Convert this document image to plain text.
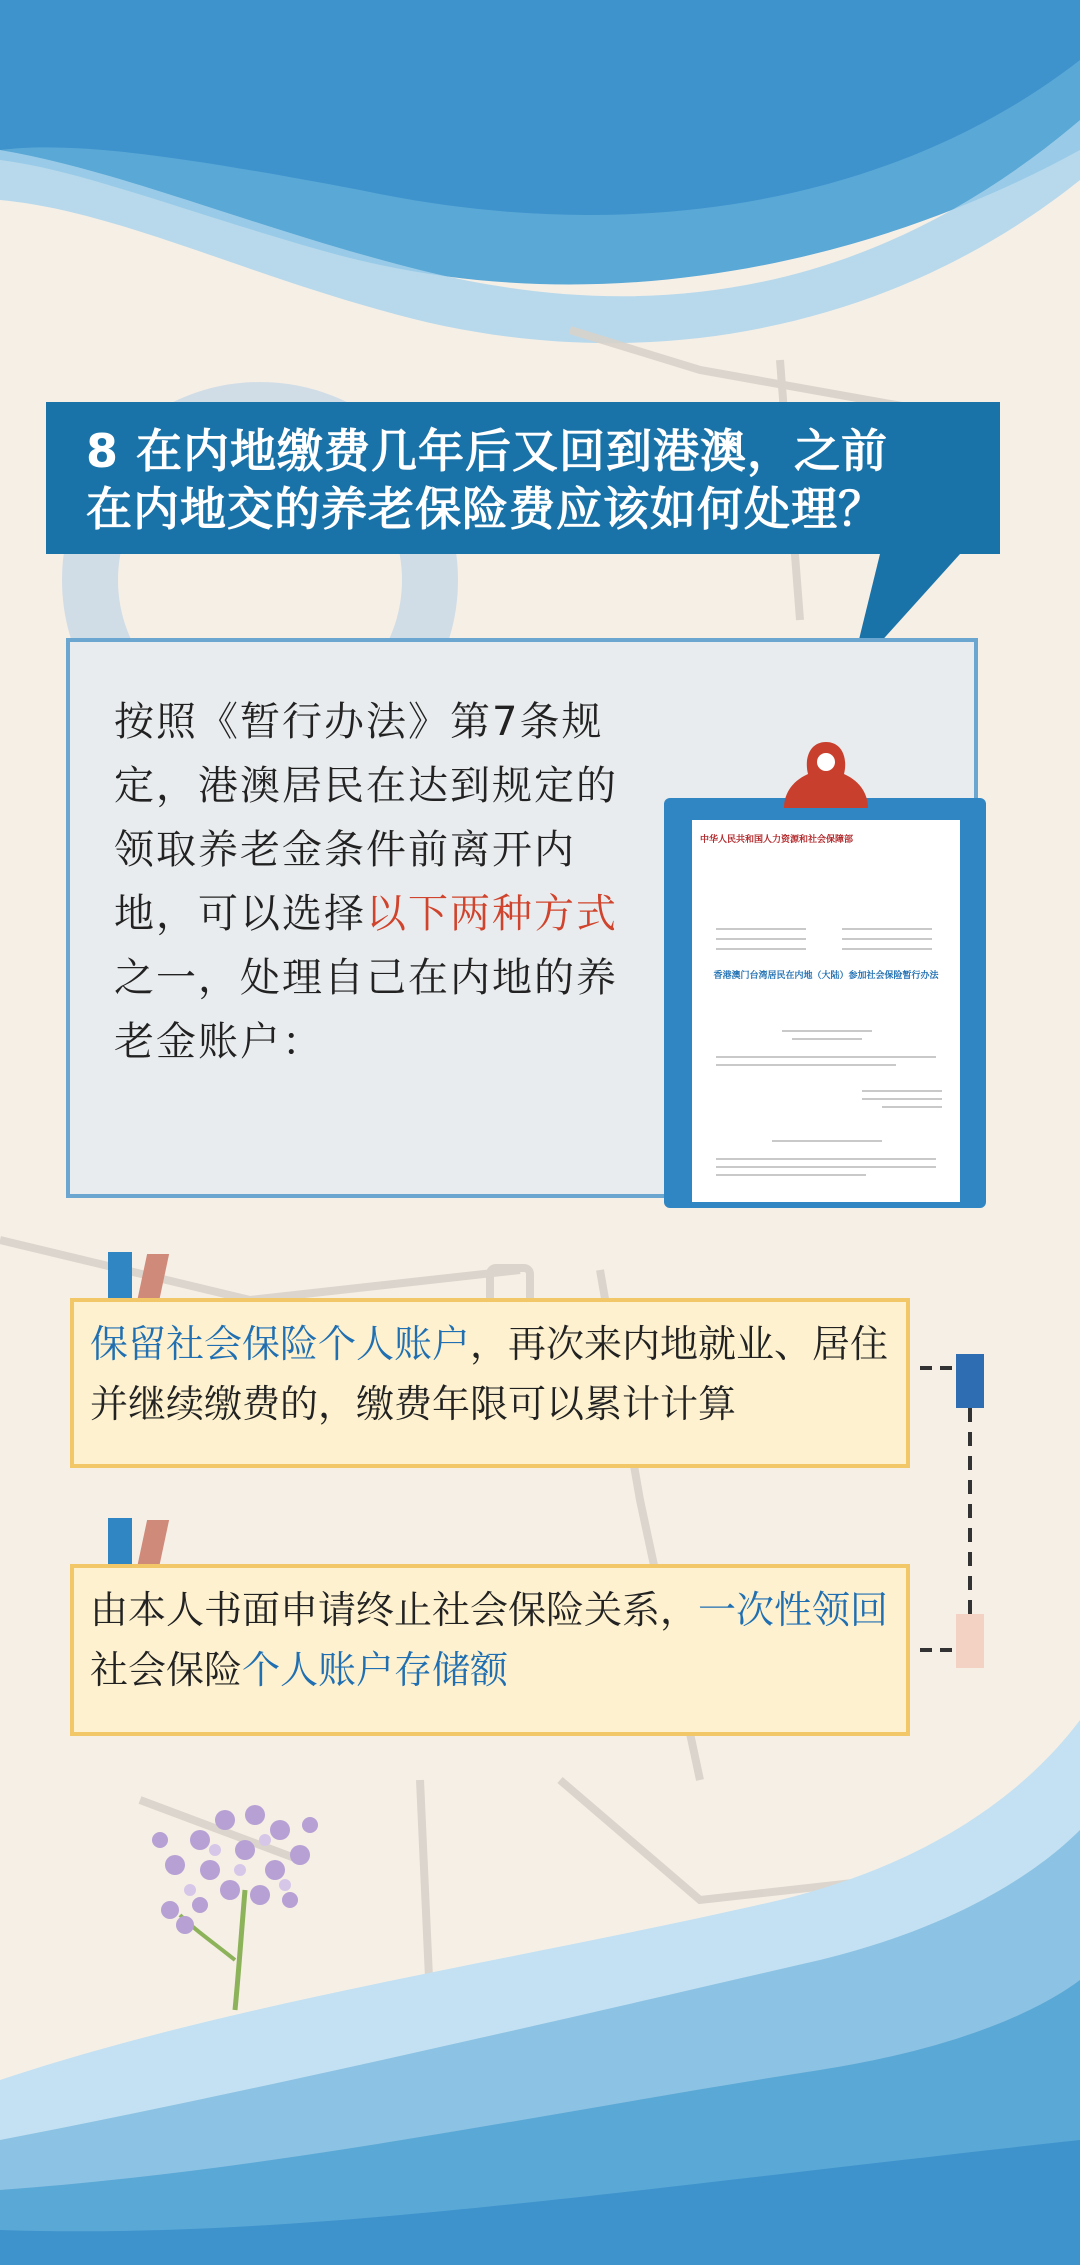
8 在内地缴费几年后又回到港澳，之前
在内地交的养老保险费应该如何处理？
按照《暂行办法》第7条规定，港澳居民在达到规定的领取养老金条件前离开内地，可以选择以下两种方式之一，处理自己在内地的养老金账户：
中华人民共和国人力资源和社会保障部
香港澳门台湾居民在内地（大陆）参加社会保险暂行办法
保留社会保险个人账户，再次来内地就业、居住并继续缴费的，缴费年限可以累计计算
由本人书面申请终止社会保险关系，一次性领回社会保险个人账户存储额
